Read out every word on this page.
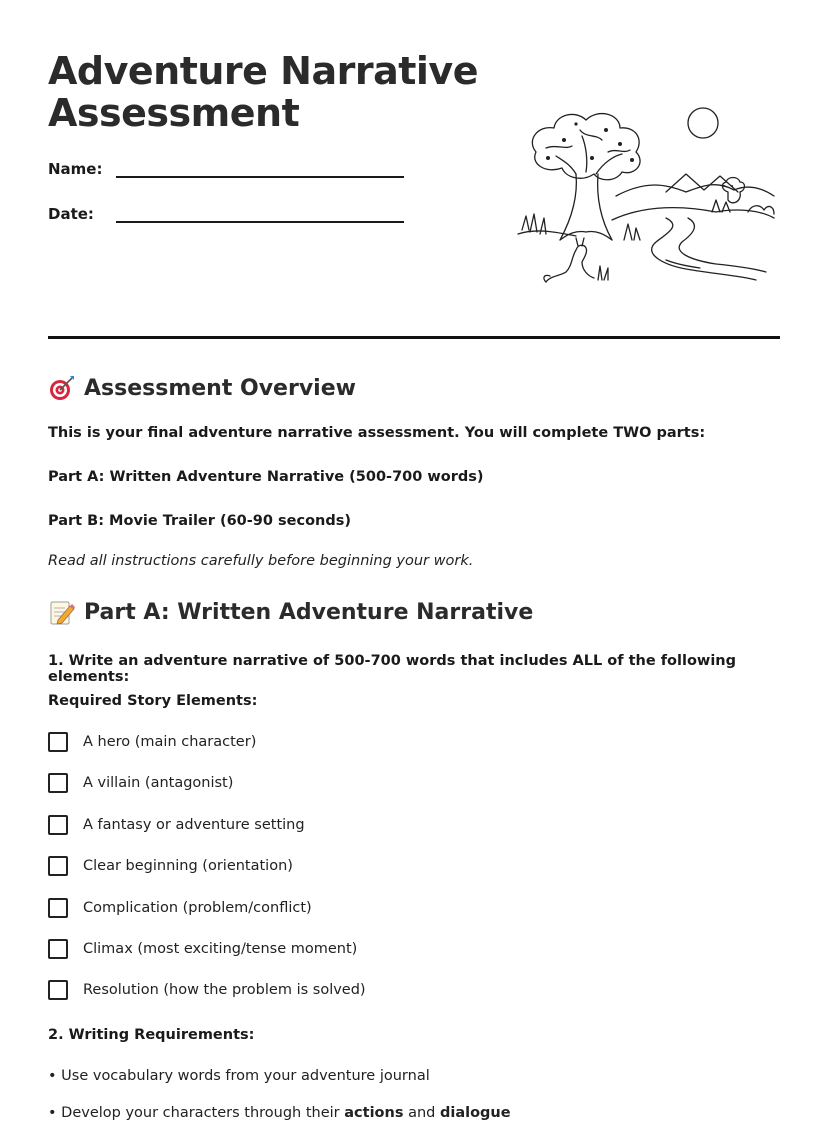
Adventure Narrative
Assessment
Name:
Date:
Assessment Overview

This is your final adventure narrative assessment. You will complete TWO parts:

Part A: Written Adventure Narrative (500-700 words)

Part B: Movie Trailer (60-90 seconds)

Read all instructions carefully before beginning your work.

Part A: Written Adventure Narrative

1. Write an adventure narrative of 500-700 words that includes ALL of the following elements:

Required Story Elements:

A hero (main character)
A villain (antagonist)
A fantasy or adventure setting
Clear beginning (orientation)
Complication (problem/conflict)
Climax (most exciting/tense moment)
Resolution (how the problem is solved)

2. Writing Requirements:

• Use vocabulary words from your adventure journal

• Develop your characters through their actions and dialogue
